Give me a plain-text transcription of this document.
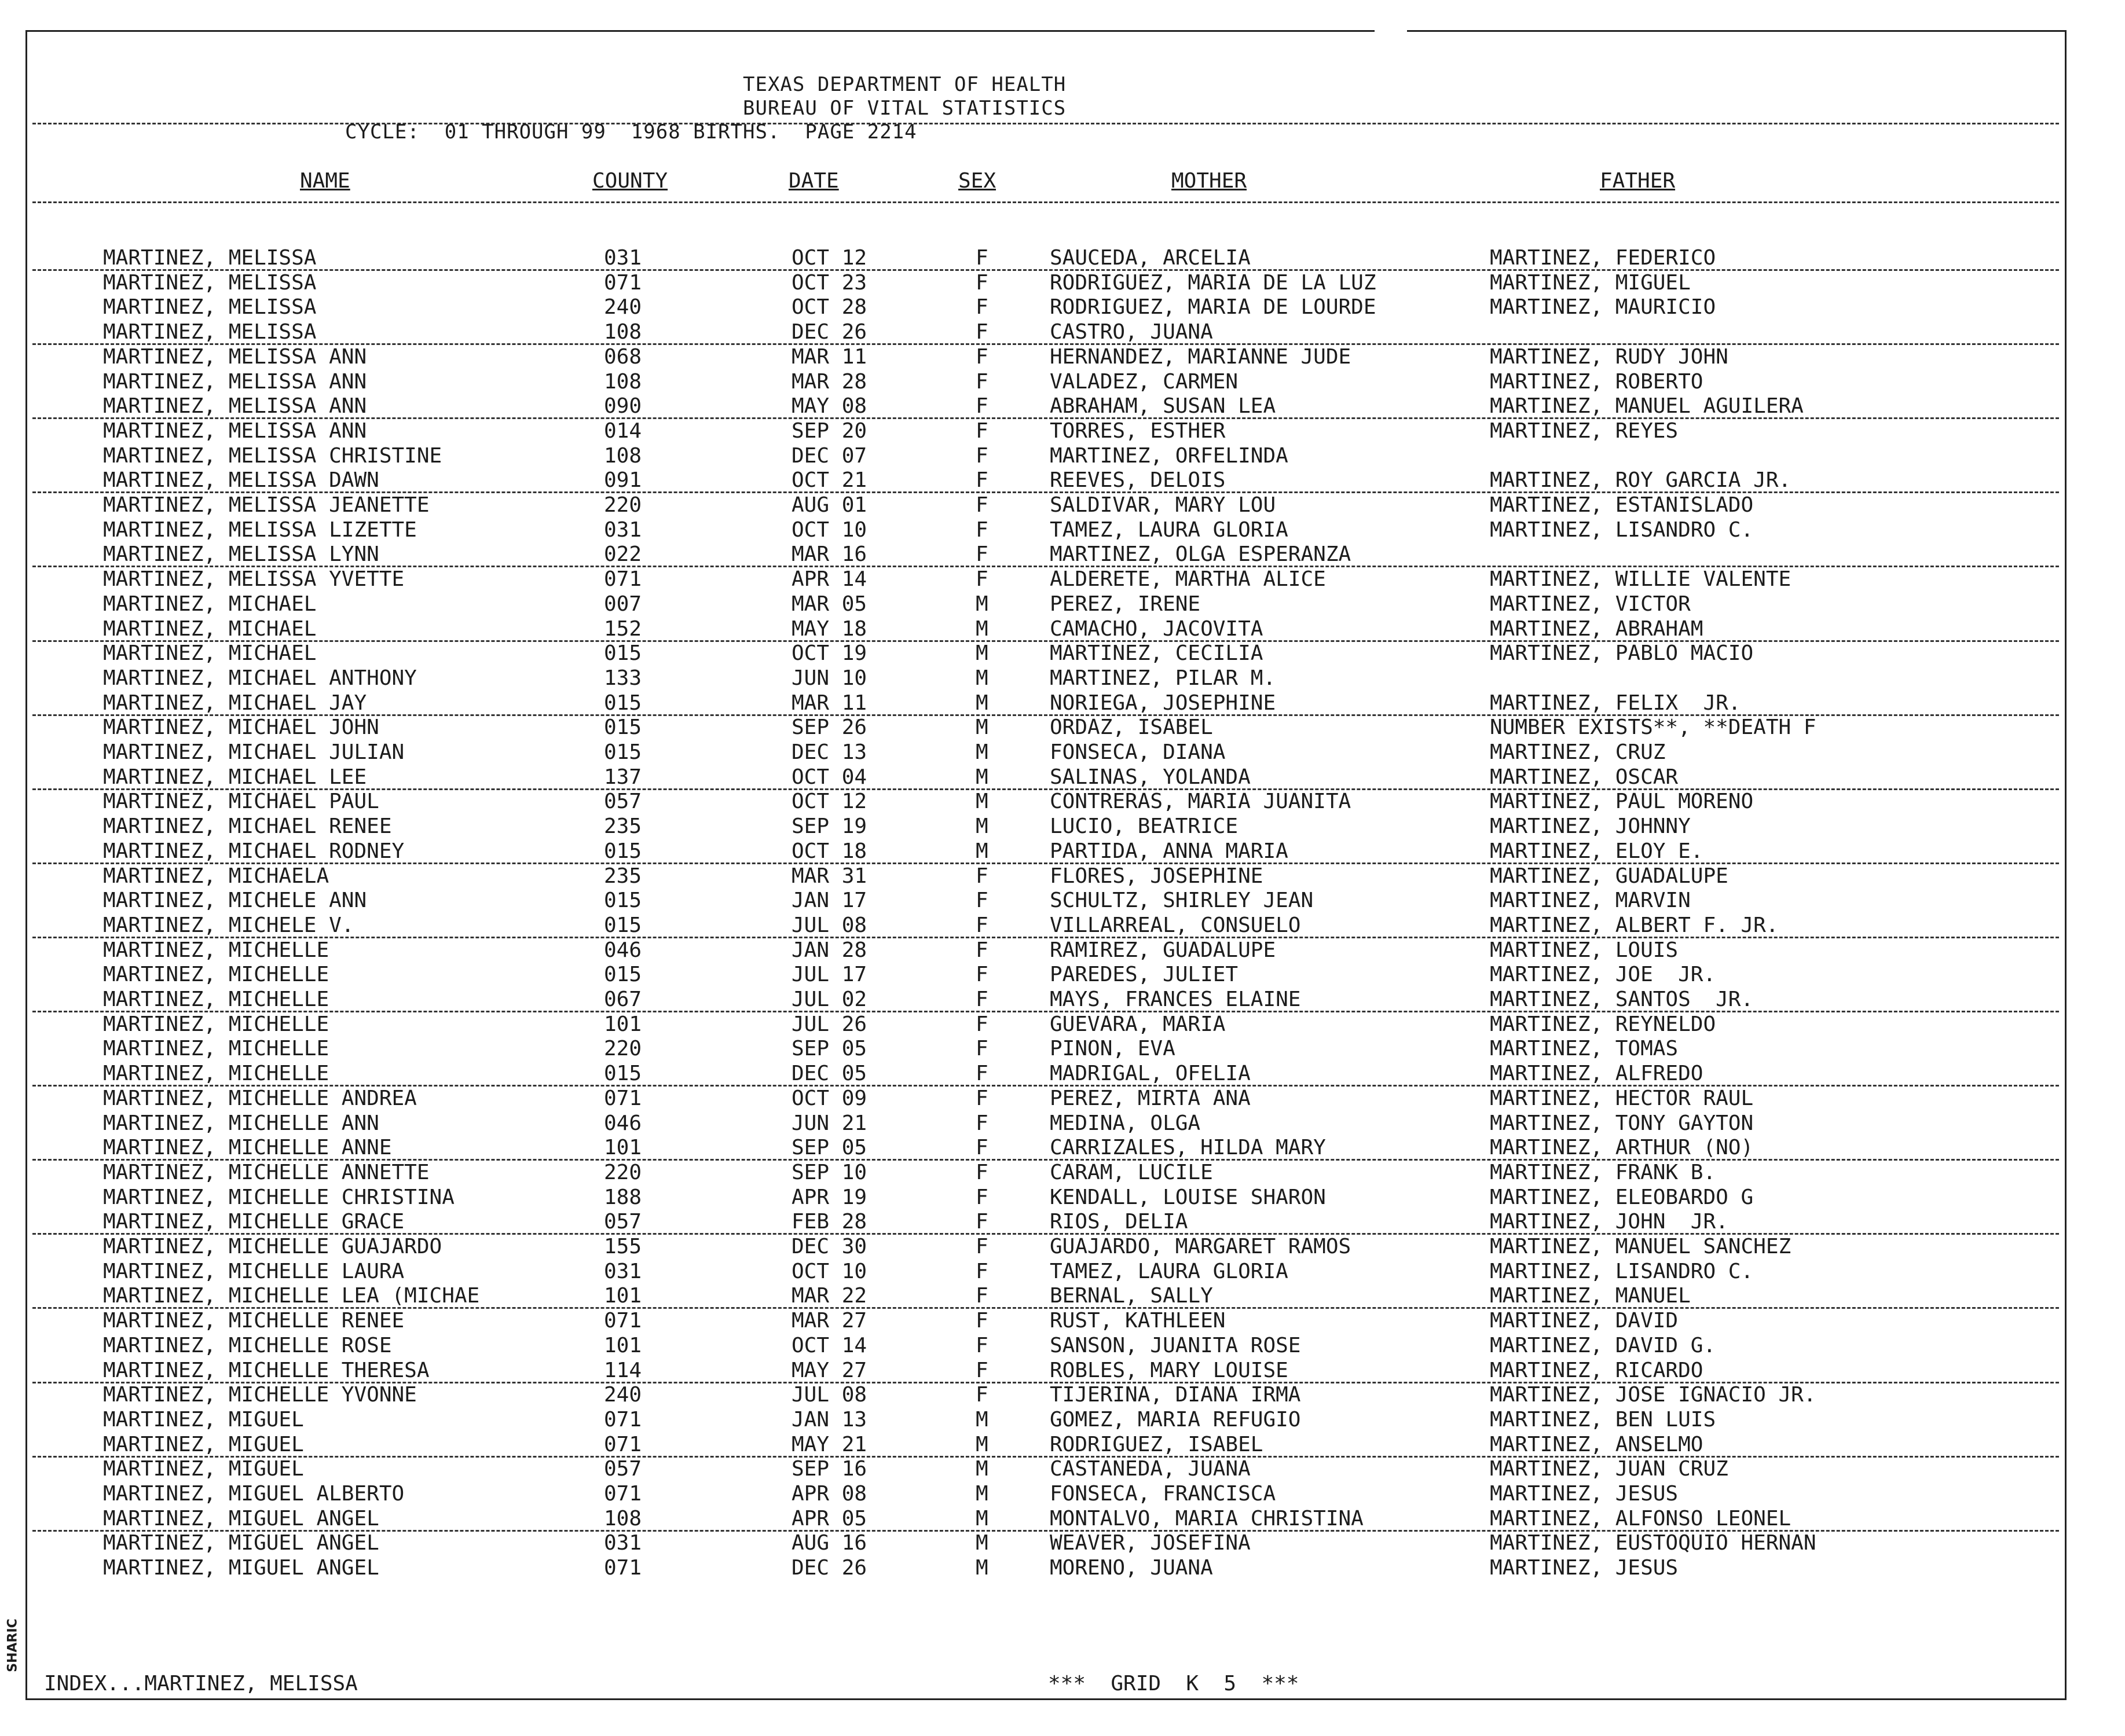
TEXAS DEPARTMENT OF HEALTH
BUREAU OF VITAL STATISTICS
CYCLE:  01 THROUGH 99  1968 BIRTHS.  PAGE 2214
NAME	COUNTY	DATE	SEX	MOTHER	FATHER
MARTINEZ, MELISSA	031	OCT 12	F	SAUCEDA, ARCELIA	MARTINEZ, FEDERICO
MARTINEZ, MELISSA	071	OCT 23	F	RODRIGUEZ, MARIA DE LA LUZ	MARTINEZ, MIGUEL
MARTINEZ, MELISSA	240	OCT 28	F	RODRIGUEZ, MARIA DE LOURDE	MARTINEZ, MAURICIO
MARTINEZ, MELISSA	108	DEC 26	F	CASTRO, JUANA
MARTINEZ, MELISSA ANN	068	MAR 11	F	HERNANDEZ, MARIANNE JUDE	MARTINEZ, RUDY JOHN
MARTINEZ, MELISSA ANN	108	MAR 28	F	VALADEZ, CARMEN	MARTINEZ, ROBERTO
MARTINEZ, MELISSA ANN	090	MAY 08	F	ABRAHAM, SUSAN LEA	MARTINEZ, MANUEL AGUILERA
MARTINEZ, MELISSA ANN	014	SEP 20	F	TORRES, ESTHER	MARTINEZ, REYES
MARTINEZ, MELISSA CHRISTINE	108	DEC 07	F	MARTINEZ, ORFELINDA
MARTINEZ, MELISSA DAWN	091	OCT 21	F	REEVES, DELOIS	MARTINEZ, ROY GARCIA JR.
MARTINEZ, MELISSA JEANETTE	220	AUG 01	F	SALDIVAR, MARY LOU	MARTINEZ, ESTANISLADO
MARTINEZ, MELISSA LIZETTE	031	OCT 10	F	TAMEZ, LAURA GLORIA	MARTINEZ, LISANDRO C.
MARTINEZ, MELISSA LYNN	022	MAR 16	F	MARTINEZ, OLGA ESPERANZA
MARTINEZ, MELISSA YVETTE	071	APR 14	F	ALDERETE, MARTHA ALICE	MARTINEZ, WILLIE VALENTE
MARTINEZ, MICHAEL	007	MAR 05	M	PEREZ, IRENE	MARTINEZ, VICTOR
MARTINEZ, MICHAEL	152	MAY 18	M	CAMACHO, JACOVITA	MARTINEZ, ABRAHAM
MARTINEZ, MICHAEL	015	OCT 19	M	MARTINEZ, CECILIA	MARTINEZ, PABLO MACIO
MARTINEZ, MICHAEL ANTHONY	133	JUN 10	M	MARTINEZ, PILAR M.
MARTINEZ, MICHAEL JAY	015	MAR 11	M	NORIEGA, JOSEPHINE	MARTINEZ, FELIX  JR.
MARTINEZ, MICHAEL JOHN	015	SEP 26	M	ORDAZ, ISABEL	NUMBER EXISTS**, **DEATH F
MARTINEZ, MICHAEL JULIAN	015	DEC 13	M	FONSECA, DIANA	MARTINEZ, CRUZ
MARTINEZ, MICHAEL LEE	137	OCT 04	M	SALINAS, YOLANDA	MARTINEZ, OSCAR
MARTINEZ, MICHAEL PAUL	057	OCT 12	M	CONTRERAS, MARIA JUANITA	MARTINEZ, PAUL MORENO
MARTINEZ, MICHAEL RENEE	235	SEP 19	M	LUCIO, BEATRICE	MARTINEZ, JOHNNY
MARTINEZ, MICHAEL RODNEY	015	OCT 18	M	PARTIDA, ANNA MARIA	MARTINEZ, ELOY E.
MARTINEZ, MICHAELA	235	MAR 31	F	FLORES, JOSEPHINE	MARTINEZ, GUADALUPE
MARTINEZ, MICHELE ANN	015	JAN 17	F	SCHULTZ, SHIRLEY JEAN	MARTINEZ, MARVIN
MARTINEZ, MICHELE V.	015	JUL 08	F	VILLARREAL, CONSUELO	MARTINEZ, ALBERT F. JR.
MARTINEZ, MICHELLE	046	JAN 28	F	RAMIREZ, GUADALUPE	MARTINEZ, LOUIS
MARTINEZ, MICHELLE	015	JUL 17	F	PAREDES, JULIET	MARTINEZ, JOE  JR.
MARTINEZ, MICHELLE	067	JUL 02	F	MAYS, FRANCES ELAINE	MARTINEZ, SANTOS  JR.
MARTINEZ, MICHELLE	101	JUL 26	F	GUEVARA, MARIA	MARTINEZ, REYNELDO
MARTINEZ, MICHELLE	220	SEP 05	F	PINON, EVA	MARTINEZ, TOMAS
MARTINEZ, MICHELLE	015	DEC 05	F	MADRIGAL, OFELIA	MARTINEZ, ALFREDO
MARTINEZ, MICHELLE ANDREA	071	OCT 09	F	PEREZ, MIRTA ANA	MARTINEZ, HECTOR RAUL
MARTINEZ, MICHELLE ANN	046	JUN 21	F	MEDINA, OLGA	MARTINEZ, TONY GAYTON
MARTINEZ, MICHELLE ANNE	101	SEP 05	F	CARRIZALES, HILDA MARY	MARTINEZ, ARTHUR (NO)
MARTINEZ, MICHELLE ANNETTE	220	SEP 10	F	CARAM, LUCILE	MARTINEZ, FRANK B.
MARTINEZ, MICHELLE CHRISTINA	188	APR 19	F	KENDALL, LOUISE SHARON	MARTINEZ, ELEOBARDO G
MARTINEZ, MICHELLE GRACE	057	FEB 28	F	RIOS, DELIA	MARTINEZ, JOHN  JR.
MARTINEZ, MICHELLE GUAJARDO	155	DEC 30	F	GUAJARDO, MARGARET RAMOS	MARTINEZ, MANUEL SANCHEZ
MARTINEZ, MICHELLE LAURA	031	OCT 10	F	TAMEZ, LAURA GLORIA	MARTINEZ, LISANDRO C.
MARTINEZ, MICHELLE LEA (MICHAE	101	MAR 22	F	BERNAL, SALLY	MARTINEZ, MANUEL
MARTINEZ, MICHELLE RENEE	071	MAR 27	F	RUST, KATHLEEN	MARTINEZ, DAVID
MARTINEZ, MICHELLE ROSE	101	OCT 14	F	SANSON, JUANITA ROSE	MARTINEZ, DAVID G.
MARTINEZ, MICHELLE THERESA	114	MAY 27	F	ROBLES, MARY LOUISE	MARTINEZ, RICARDO
MARTINEZ, MICHELLE YVONNE	240	JUL 08	F	TIJERINA, DIANA IRMA	MARTINEZ, JOSE IGNACIO JR.
MARTINEZ, MIGUEL	071	JAN 13	M	GOMEZ, MARIA REFUGIO	MARTINEZ, BEN LUIS
MARTINEZ, MIGUEL	071	MAY 21	M	RODRIGUEZ, ISABEL	MARTINEZ, ANSELMO
MARTINEZ, MIGUEL	057	SEP 16	M	CASTANEDA, JUANA	MARTINEZ, JUAN CRUZ
MARTINEZ, MIGUEL ALBERTO	071	APR 08	M	FONSECA, FRANCISCA	MARTINEZ, JESUS
MARTINEZ, MIGUEL ANGEL	108	APR 05	M	MONTALVO, MARIA CHRISTINA	MARTINEZ, ALFONSO LEONEL
MARTINEZ, MIGUEL ANGEL	031	AUG 16	M	WEAVER, JOSEFINA	MARTINEZ, EUSTOQUIO HERNAN
MARTINEZ, MIGUEL ANGEL	071	DEC 26	M	MORENO, JUANA	MARTINEZ, JESUS
INDEX...MARTINEZ, MELISSA	***  GRID  K  5  ***
SHARIC
